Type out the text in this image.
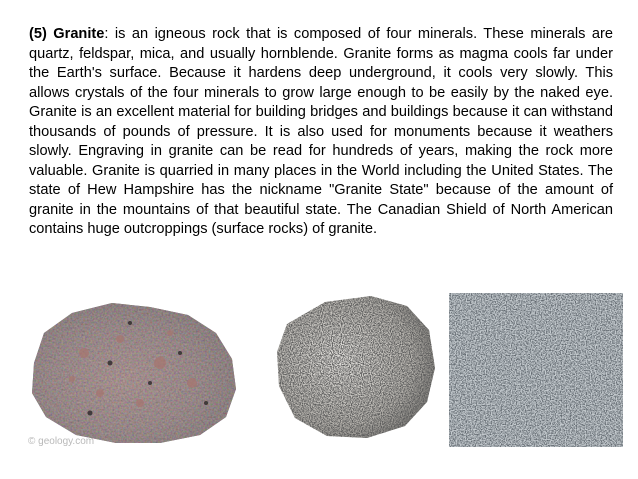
(5) Granite: is an igneous rock that is composed of four minerals. These minerals are quartz, feldspar, mica, and usually hornblende. Granite forms as magma cools far under the Earth's surface. Because it hardens deep underground, it cools very slowly. This allows crystals of the four minerals to grow large enough to be easily by the naked eye. Granite is an excellent material for building bridges and buildings because it can withstand thousands of pounds of pressure. It is also used for monuments because it weathers slowly. Engraving in granite can be read for hundreds of years, making the rock more valuable. Granite is quarried in many places in the World including the United States. The state of Hew Hampshire has the nickname "Granite State" because of the amount of granite in the mountains of that beautiful state. The Canadian Shield of North American contains huge outcroppings (surface rocks) of granite.

© geology.com
